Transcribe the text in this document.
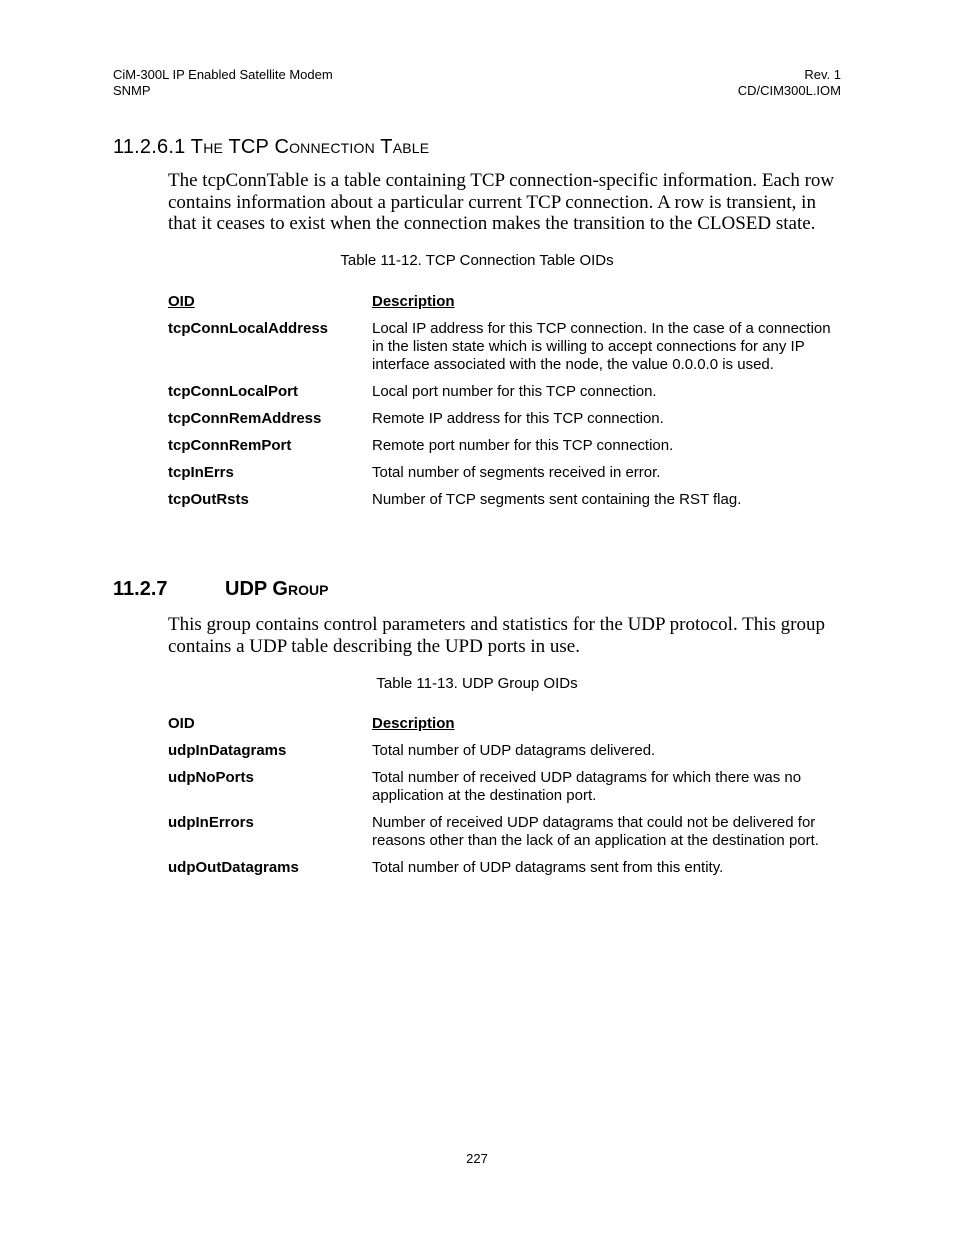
CiM-300L IP Enabled Satellite Modem
SNMP
Rev. 1
CD/CIM300L.IOM
11.2.6.1 The TCP Connection Table

The tcpConnTable is a table containing TCP connection-specific information. Each row contains information about a particular current TCP connection. A row is transient, in that it ceases to exist when the connection makes the transition to the CLOSED state.

Table 11-12. TCP Connection Table OIDs

OID	Description
tcpConnLocalAddress	Local IP address for this TCP connection. In the case of a connection in the listen state which is willing to accept connections for any IP interface associated with the node, the value 0.0.0.0 is used.
tcpConnLocalPort	Local port number for this TCP connection.
tcpConnRemAddress	Remote IP address for this TCP connection.
tcpConnRemPort	Remote port number for this TCP connection.
tcpInErrs	Total number of segments received in error.
tcpOutRsts	Number of TCP segments sent containing the RST flag.
11.2.7	UDP Group

This group contains control parameters and statistics for the UDP protocol. This group contains a UDP table describing the UPD ports in use.

Table 11-13. UDP Group OIDs

OID	Description
udpInDatagrams	Total number of UDP datagrams delivered.
udpNoPorts	Total number of received UDP datagrams for which there was no application at the destination port.
udpInErrors	Number of received UDP datagrams that could not be delivered for reasons other than the lack of an application at the destination port.
udpOutDatagrams	Total number of UDP datagrams sent from this entity.
227
